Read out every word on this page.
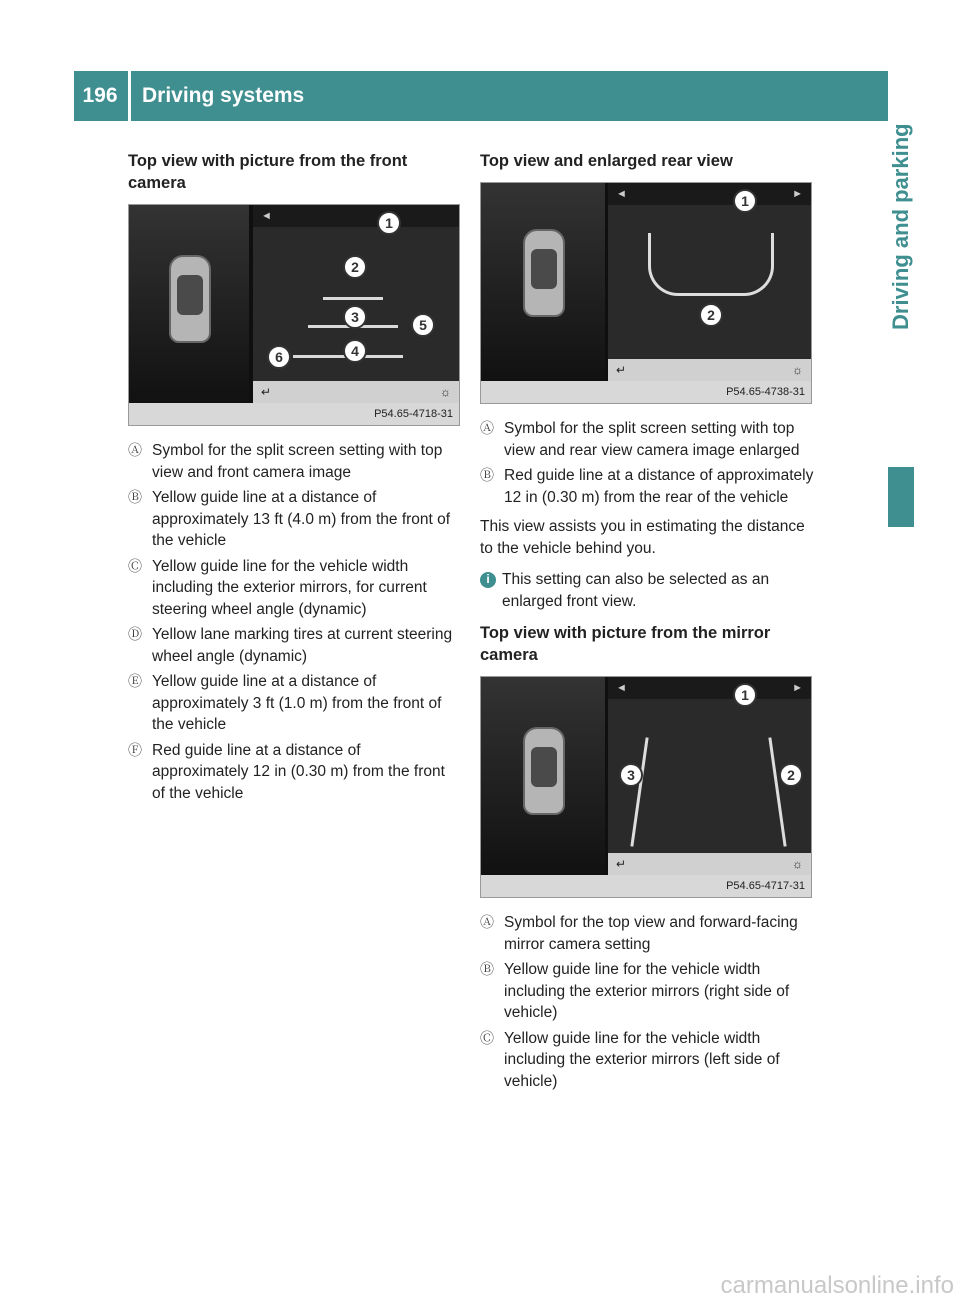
196	Driving systems
Driving and parking
Top view with picture from the front camera
◄
↵	☼
1
2
3
4
5
6
P54.65-4718-31
Ⓐ Symbol for the split screen setting with top view and front camera image
Ⓑ Yellow guide line at a distance of approximately 13 ft (4.0 m) from the front of the vehicle
Ⓒ Yellow guide line for the vehicle width including the exterior mirrors, for current steering wheel angle (dynamic)
Ⓓ Yellow lane marking tires at current steering wheel angle (dynamic)
Ⓔ Yellow guide line at a distance of approximately 3 ft (1.0 m) from the front of the vehicle
Ⓕ Red guide line at a distance of approximately 12 in (0.30 m) from the front of the vehicle
Top view and enlarged rear view
◄	►
↵	☼
1
2
P54.65-4738-31
Ⓐ Symbol for the split screen setting with top view and rear view camera image enlarged
Ⓑ Red guide line at a distance of approximately 12 in (0.30 m) from the rear of the vehicle

This view assists you in estimating the distance to the vehicle behind you.

i This setting can also be selected as an enlarged front view.
Top view with picture from the mirror camera
◄	►
↵	☼
1
2
3
P54.65-4717-31
Ⓐ Symbol for the top view and forward-facing mirror camera setting
Ⓑ Yellow guide line for the vehicle width including the exterior mirrors (right side of vehicle)
Ⓒ Yellow guide line for the vehicle width including the exterior mirrors (left side of vehicle)
carmanualsonline.info
